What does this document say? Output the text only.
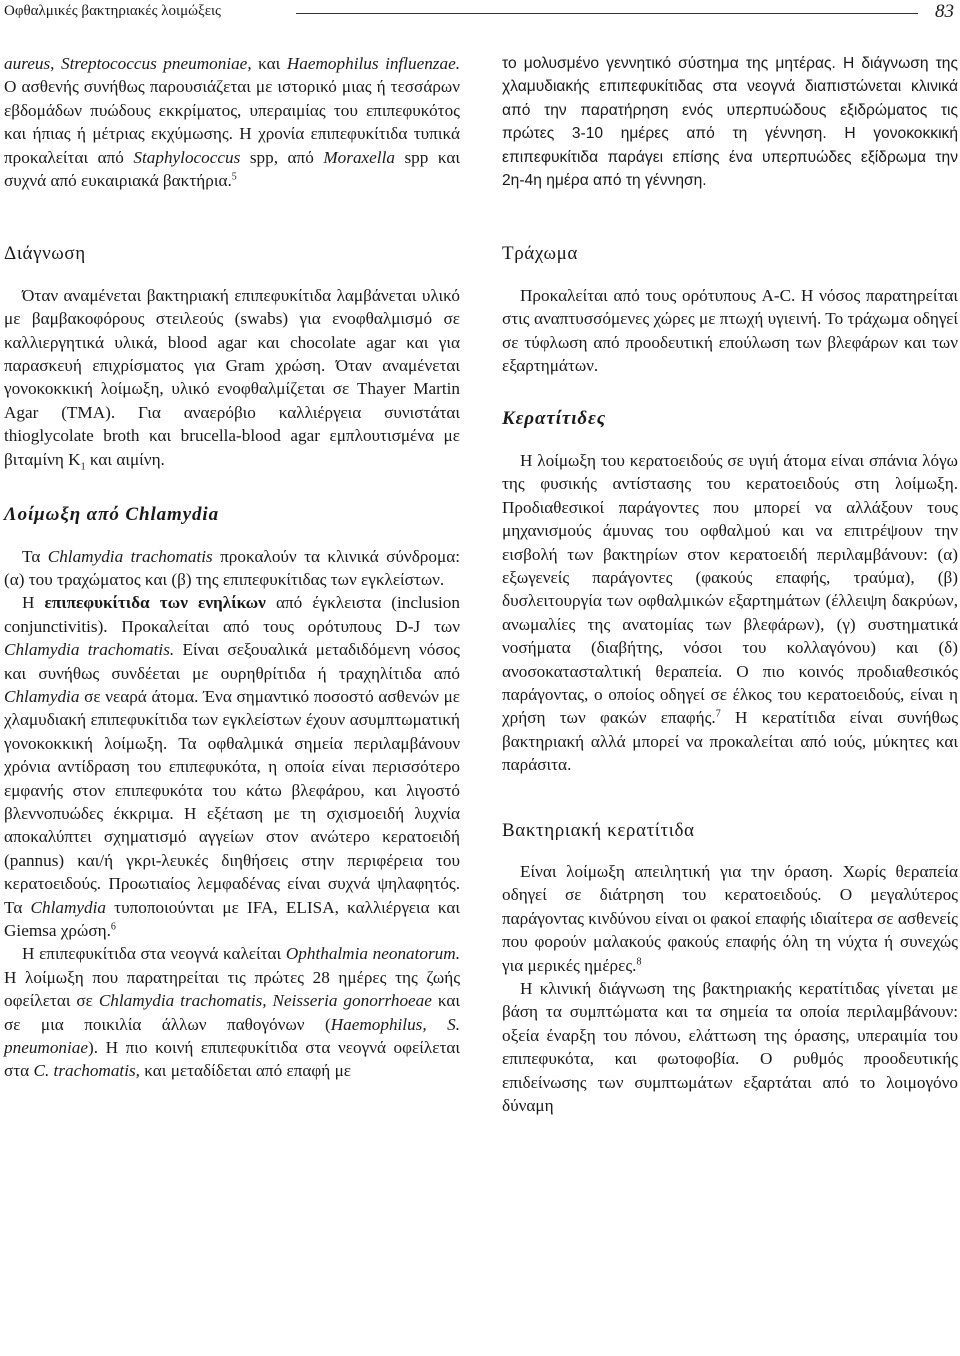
Οφθαλμικές βακτηριακές λοιμώξεις	83

aureus, Streptococcus pneumoniae, και Haemophilus influenzae. Ο ασθενής συνήθως παρουσιάζεται με ιστορικό μιας ή τεσσάρων εβδομάδων πυώδους εκκρίματος, υπεραιμίας του επιπεφυκότος και ήπιας ή μέτριας εκχύμωσης. Η χρονία επιπεφυκίτιδα τυπικά προκαλείται από Staphylococcus spp, από Moraxella spp και συχνά από ευκαιριακά βακτήρια.$^5$

Διάγνωση

Όταν αναμένεται βακτηριακή επιπεφυκίτιδα λαμβάνεται υλικό με βαμβακοφόρους στειλεούς (swabs) για ενοφθαλμισμό σε καλλιεργητικά υλικά, blood agar και chocolate agar και για παρασκευή επιχρίσματος για Gram χρώση. Όταν αναμένεται γονοκοκκική λοίμωξη, υλικό ενοφθαλμίζεται σε Thayer Martin Agar (TMA). Για αναερόβιο καλλιέργεια συνιστάται thioglycolate broth και brucella-blood agar εμπλουτισμένα με βιταμίνη $K_1$ και αιμίνη.

Λοίμωξη από Chlamydia

Τα Chlamydia trachomatis προκαλούν τα κλινικά σύνδρομα: (α) του τραχώματος και (β) της επιπεφυκίτιδας των εγκλείστων.

Η επιπεφυκίτιδα των ενηλίκων από έγκλειστα (inclusion conjunctivitis). Προκαλείται από τους ορότυπους D-J των Chlamydia trachomatis. Είναι σεξουαλικά μεταδιδόμενη νόσος και συνήθως συνδέεται με ουρηθρίτιδα ή τραχηλίτιδα από Chlamydia σε νεαρά άτομα. Ένα σημαντικό ποσοστό ασθενών με χλαμυδιακή επιπεφυκίτιδα των εγκλείστων έχουν ασυμπτωματική γονοκοκκική λοίμωξη. Τα οφθαλμικά σημεία περιλαμβάνουν χρόνια αντίδραση του επιπεφυκότα, η οποία είναι περισσότερο εμφανής στον επιπεφυκότα του κάτω βλεφάρου, και λιγοστό βλεννοπυώδες έκκριμα. Η εξέταση με τη σχισμοειδή λυχνία αποκαλύπτει σχηματισμό αγγείων στον ανώτερο κερατοειδή (pannus) και/ή γκρι-λευκές διηθήσεις στην περιφέρεια του κερατοειδούς. Προωτιαίος λεμφαδένας είναι συχνά ψηλαφητός. Τα Chlamydia τυποποιούνται με IFA, ELISA, καλλιέργεια και Giemsa χρώση.$^6$

Η επιπεφυκίτιδα στα νεογνά καλείται Ophthalmia neonatorum. Η λοίμωξη που παρατηρείται τις πρώτες 28 ημέρες της ζωής οφείλεται σε Chlamydia trachomatis, Neisseria gonorrhoeae και σε μια ποικιλία άλλων παθογόνων (Haemophilus, S. pneumoniae). Η πιο κοινή επιπεφυκίτιδα στα νεογνά οφείλεται στα C. trachomatis, και μεταδίδεται από επαφή με

το μολυσμένο γεννητικό σύστημα της μητέρας. Η διάγνωση της χλαμυδιακής επιπεφυκίτιδας στα νεογνά διαπιστώνεται κλινικά από την παρατήρηση ενός υπερπυώδους εξιδρώματος τις πρώτες 3-10 ημέρες από τη γέννηση. Η γονοκοκκική επιπεφυκίτιδα παράγει επίσης ένα υπερπυώδες εξίδρωμα την 2η-4η ημέρα από τη γέννηση.

Τράχωμα

Προκαλείται από τους ορότυπους A-C. Η νόσος παρατηρείται στις αναπτυσσόμενες χώρες με πτωχή υγιεινή. Το τράχωμα οδηγεί σε τύφλωση από προοδευτική επούλωση των βλεφάρων και των εξαρτημάτων.

Κερατίτιδες

Η λοίμωξη του κερατοειδούς σε υγιή άτομα είναι σπάνια λόγω της φυσικής αντίστασης του κερατοειδούς στη λοίμωξη. Προδιαθεσικοί παράγοντες που μπορεί να αλλάξουν τους μηχανισμούς άμυνας του οφθαλμού και να επιτρέψουν την εισβολή των βακτηρίων στον κερατοειδή περιλαμβάνουν: (α) εξωγενείς παράγοντες (φακούς επαφής, τραύμα), (β) δυσλειτουργία των οφθαλμικών εξαρτημάτων (έλλειψη δακρύων, ανωμαλίες της ανατομίας των βλεφάρων), (γ) συστηματικά νοσήματα (διαβήτης, νόσοι του κολλαγόνου) και (δ) ανοσοκατασταλτική θεραπεία. Ο πιο κοινός προδιαθεσικός παράγοντας, ο οποίος οδηγεί σε έλκος του κερατοειδούς, είναι η χρήση των φακών επαφής.$^7$ Η κερατίτιδα είναι συνήθως βακτηριακή αλλά μπορεί να προκαλείται από ιούς, μύκητες και παράσιτα.

Βακτηριακή κερατίτιδα

Είναι λοίμωξη απειλητική για την όραση. Χωρίς θεραπεία οδηγεί σε διάτρηση του κερατοειδούς. Ο μεγαλύτερος παράγοντας κινδύνου είναι οι φακοί επαφής ιδιαίτερα σε ασθενείς που φορούν μαλακούς φακούς επαφής όλη τη νύχτα ή συνεχώς για μερικές ημέρες.$^8$

Η κλινική διάγνωση της βακτηριακής κερατίτιδας γίνεται με βάση τα συμπτώματα και τα σημεία τα οποία περιλαμβάνουν: οξεία έναρξη του πόνου, ελάττωση της όρασης, υπεραιμία του επιπεφυκότα, και φωτοφοβία. Ο ρυθμός προοδευτικής επιδείνωσης των συμπτωμάτων εξαρτάται από το λοιμογόνο δύναμη
